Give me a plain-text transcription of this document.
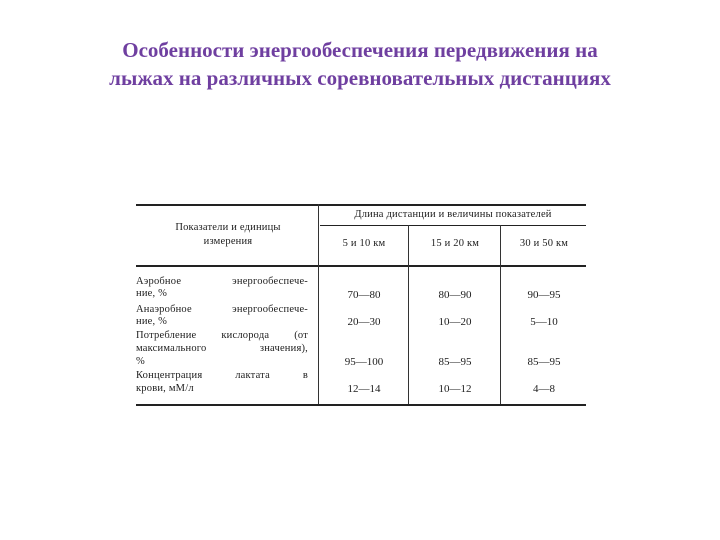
Особенности энергообеспечения передвижения на
лыжах на различных соревновательных дистанциях
Показатели и единицы
измерения
Длина дистанции и величины показателей
5 и 10 км	15 и 20 км	30 и 50 км
Аэробное	энергообеспече-
ние, %	70—80	80—90	90—95
Анаэробное	энергообеспече-
ние, %	20—30	10—20	5—10
Потребление кислорода (от
максимального	значения),
%	95—100	85—95	85—95
Концентрация	лактата	в
крови, мМ/л	12—14	10—12	4—8
